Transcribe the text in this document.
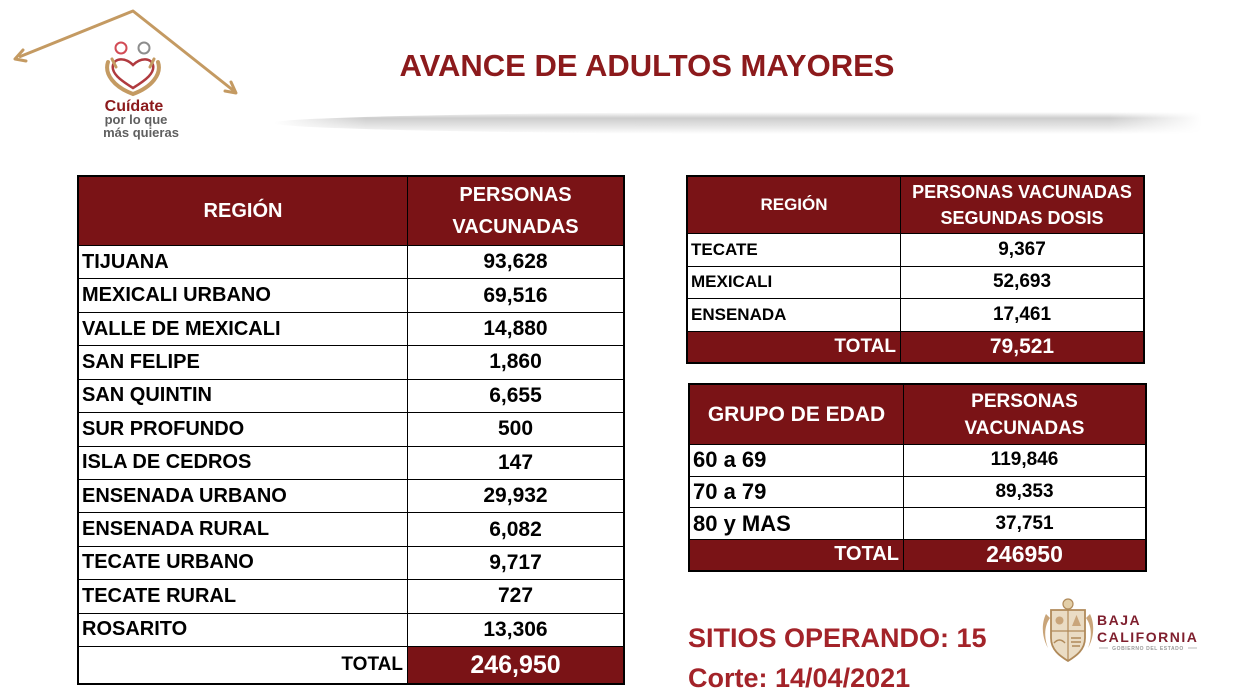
Cuídate
por lo que
más quieras
AVANCE DE ADULTOS MAYORES
REGIÓN
PERSONAS VACUNADAS
TIJUANA	93,628
MEXICALI URBANO	69,516
VALLE DE MEXICALI	14,880
SAN FELIPE	1,860
SAN QUINTIN	6,655
SUR PROFUNDO	500
ISLA DE CEDROS	147
ENSENADA URBANO	29,932
ENSENADA RURAL	6,082
TECATE URBANO	9,717
TECATE RURAL	727
ROSARITO	13,306
TOTAL	246,950
REGIÓN
PERSONAS VACUNADAS SEGUNDAS DOSIS
TECATE	9,367
MEXICALI	52,693
ENSENADA	17,461
TOTAL	79,521
GRUPO DE EDAD
PERSONAS VACUNADAS
60 a 69	119,846
70 a 79	89,353
80 y MAS	37,751
TOTAL	246950
SITIOS OPERANDO: 15
Corte: 14/04/2021
BAJA
CALIFORNIA
GOBIERNO DEL ESTADO
